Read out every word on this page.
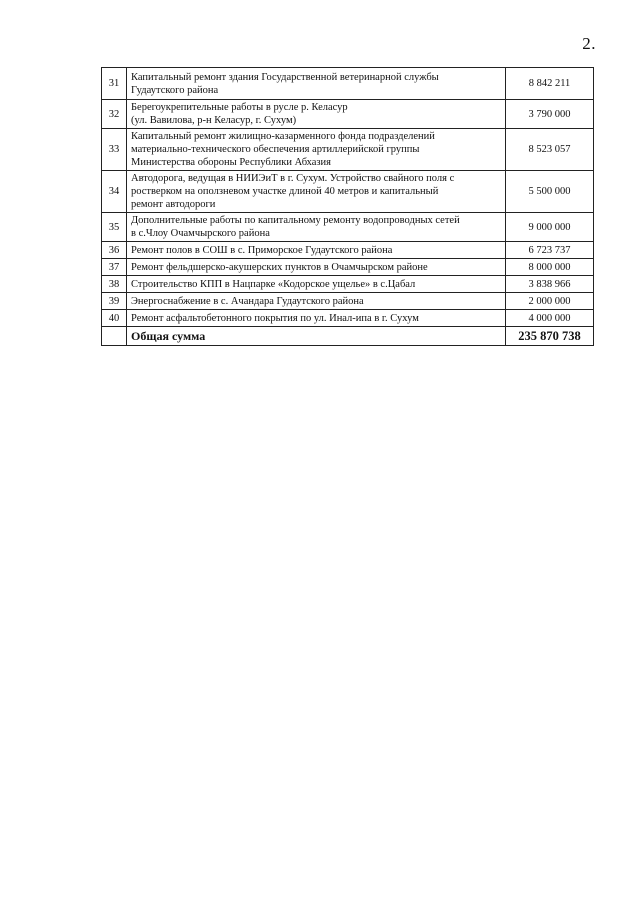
2.
31	Капитальный ремонт здания Государственной ветеринарной службы
Гудаутского района	8 842 211
32	Берегоукрепительные работы в русле р. Келасур
(ул. Вавилова, р-н Келасур, г. Сухум)	3 790 000
33	Капитальный ремонт жилищно-казарменного фонда подразделений
материально-технического обеспечения артиллерийской группы
Министерства обороны Республики Абхазия	8 523 057
34	Автодорога, ведущая в НИИЭиТ в г. Сухум. Устройство свайного поля с
ростверком на оползневом участке длиной 40 метров и капитальный
ремонт автодороги	5 500 000
35	Дополнительные работы по капитальному ремонту водопроводных сетей
в с.Члоу Очамчырского района	9 000 000
36	Ремонт полов в СОШ в с. Приморское Гудаутского района	6 723 737
37	Ремонт фельдшерско-акушерских пунктов в Очамчырском районе	8 000 000
38	Строительство КПП в Нацпарке «Кодорское ущелье» в с.Цабал	3 838 966
39	Энергоснабжение в с. Ачандара Гудаутского района	2 000 000
40	Ремонт асфальтобетонного покрытия по ул. Инал-ипа в г. Сухум	4 000 000
	Общая сумма	235 870 738
